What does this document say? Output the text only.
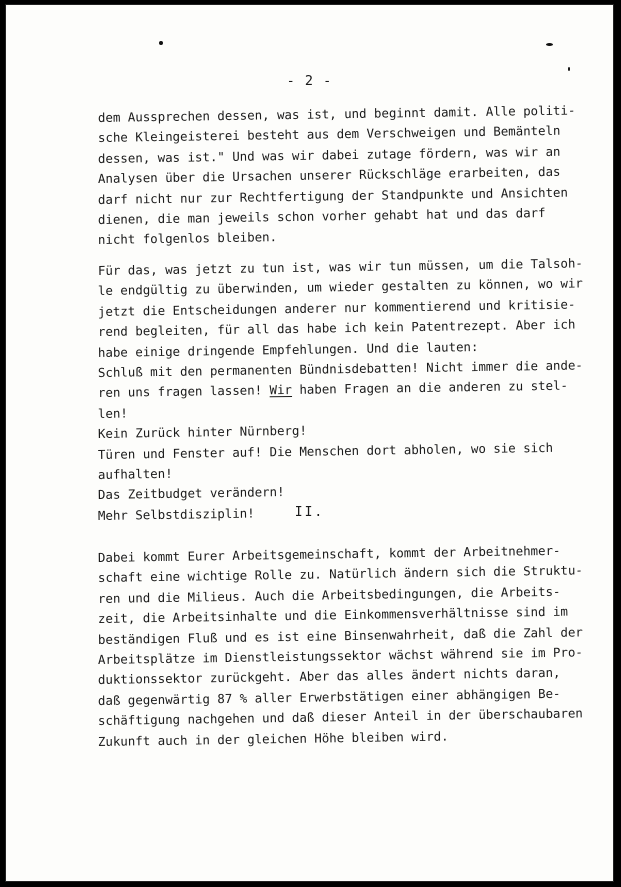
- 2 -

dem Aussprechen dessen, was ist, und beginnt damit. Alle politi-
sche Kleingeisterei besteht aus dem Verschweigen und Bemänteln
dessen, was ist." Und was wir dabei zutage fördern, was wir an
Analysen über die Ursachen unserer Rückschläge erarbeiten, das
darf nicht nur zur Rechtfertigung der Standpunkte und Ansichten
dienen, die man jeweils schon vorher gehabt hat und das darf
nicht folgenlos bleiben.

Für das, was jetzt zu tun ist, was wir tun müssen, um die Talsoh-
le endgültig zu überwinden, um wieder gestalten zu können, wo wir
jetzt die Entscheidungen anderer nur kommentierend und kritisie-
rend begleiten, für all das habe ich kein Patentrezept. Aber ich
habe einige dringende Empfehlungen. Und die lauten:
Schluß mit den permanenten Bündnisdebatten! Nicht immer die ande-
ren uns fragen lassen! Wir haben Fragen an die anderen zu stel-
len!
Kein Zurück hinter Nürnberg!
Türen und Fenster auf! Die Menschen dort abholen, wo sie sich
aufhalten!
Das Zeitbudget verändern!
Mehr Selbstdisziplin!	II.

Dabei kommt Eurer Arbeitsgemeinschaft, kommt der Arbeitnehmer-
schaft eine wichtige Rolle zu. Natürlich ändern sich die Struktu-
ren und die Milieus. Auch die Arbeitsbedingungen, die Arbeits-
zeit, die Arbeitsinhalte und die Einkommensverhältnisse sind im
beständigen Fluß und es ist eine Binsenwahrheit, daß die Zahl der
Arbeitsplätze im Dienstleistungssektor wächst während sie im Pro-
duktionssektor zurückgeht. Aber das alles ändert nichts daran,
daß gegenwärtig 87 % aller Erwerbstätigen einer abhängigen Be-
schäftigung nachgehen und daß dieser Anteil in der überschaubaren
Zukunft auch in der gleichen Höhe bleiben wird.
